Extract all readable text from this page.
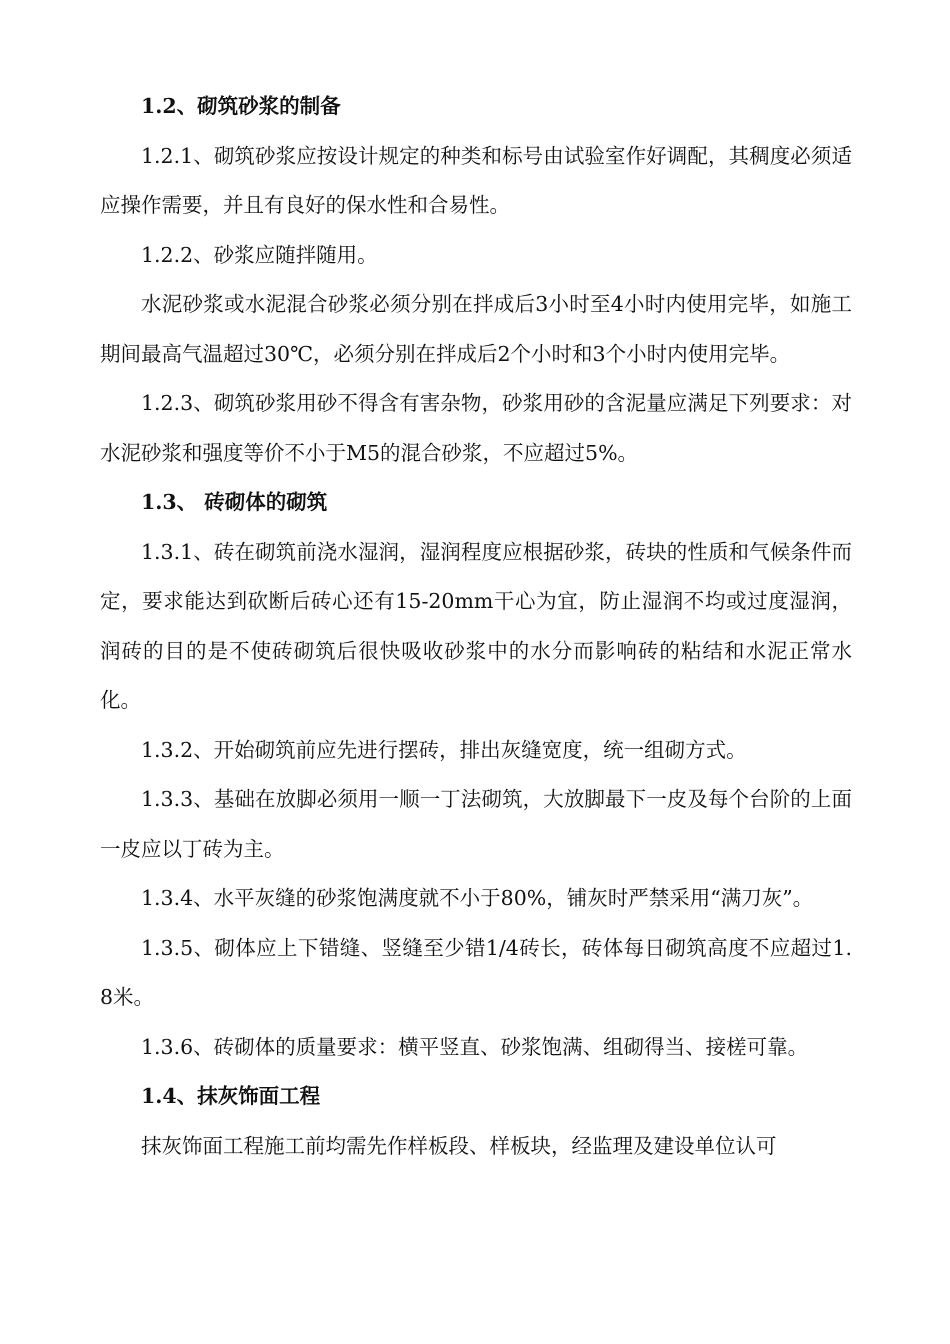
1.2、砌筑砂浆的制备

1.2.1、砌筑砂浆应按设计规定的种类和标号由试验室作好调配，其稠度必须适应操作需要，并且有良好的保水性和合易性。

1.2.2、砂浆应随拌随用。

水泥砂浆或水泥混合砂浆必须分别在拌成后3小时至4小时内使用完毕，如施工期间最高气温超过30℃，必须分别在拌成后2个小时和3个小时内使用完毕。

1.2.3、砌筑砂浆用砂不得含有害杂物，砂浆用砂的含泥量应满足下列要求：对水泥砂浆和强度等价不小于M5的混合砂浆，不应超过5%。

1.3、 砖砌体的砌筑

1.3.1、砖在砌筑前浇水湿润，湿润程度应根据砂浆，砖块的性质和气候条件而定，要求能达到砍断后砖心还有15-20mm干心为宜，防止湿润不均或过度湿润，润砖的目的是不使砖砌筑后很快吸收砂浆中的水分而影响砖的粘结和水泥正常水化。

1.3.2、开始砌筑前应先进行摆砖，排出灰缝宽度，统一组砌方式。

1.3.3、基础在放脚必须用一顺一丁法砌筑，大放脚最下一皮及每个台阶的上面一皮应以丁砖为主。

1.3.4、水平灰缝的砂浆饱满度就不小于80%，铺灰时严禁采用“满刀灰”。

1.3.5、砌体应上下错缝、竖缝至少错1/4砖长，砖体每日砌筑高度不应超过1.8米。

1.3.6、砖砌体的质量要求：横平竖直、砂浆饱满、组砌得当、接槎可靠。

1.4、抹灰饰面工程

抹灰饰面工程施工前均需先作样板段、样板块，经监理及建设单位认可
